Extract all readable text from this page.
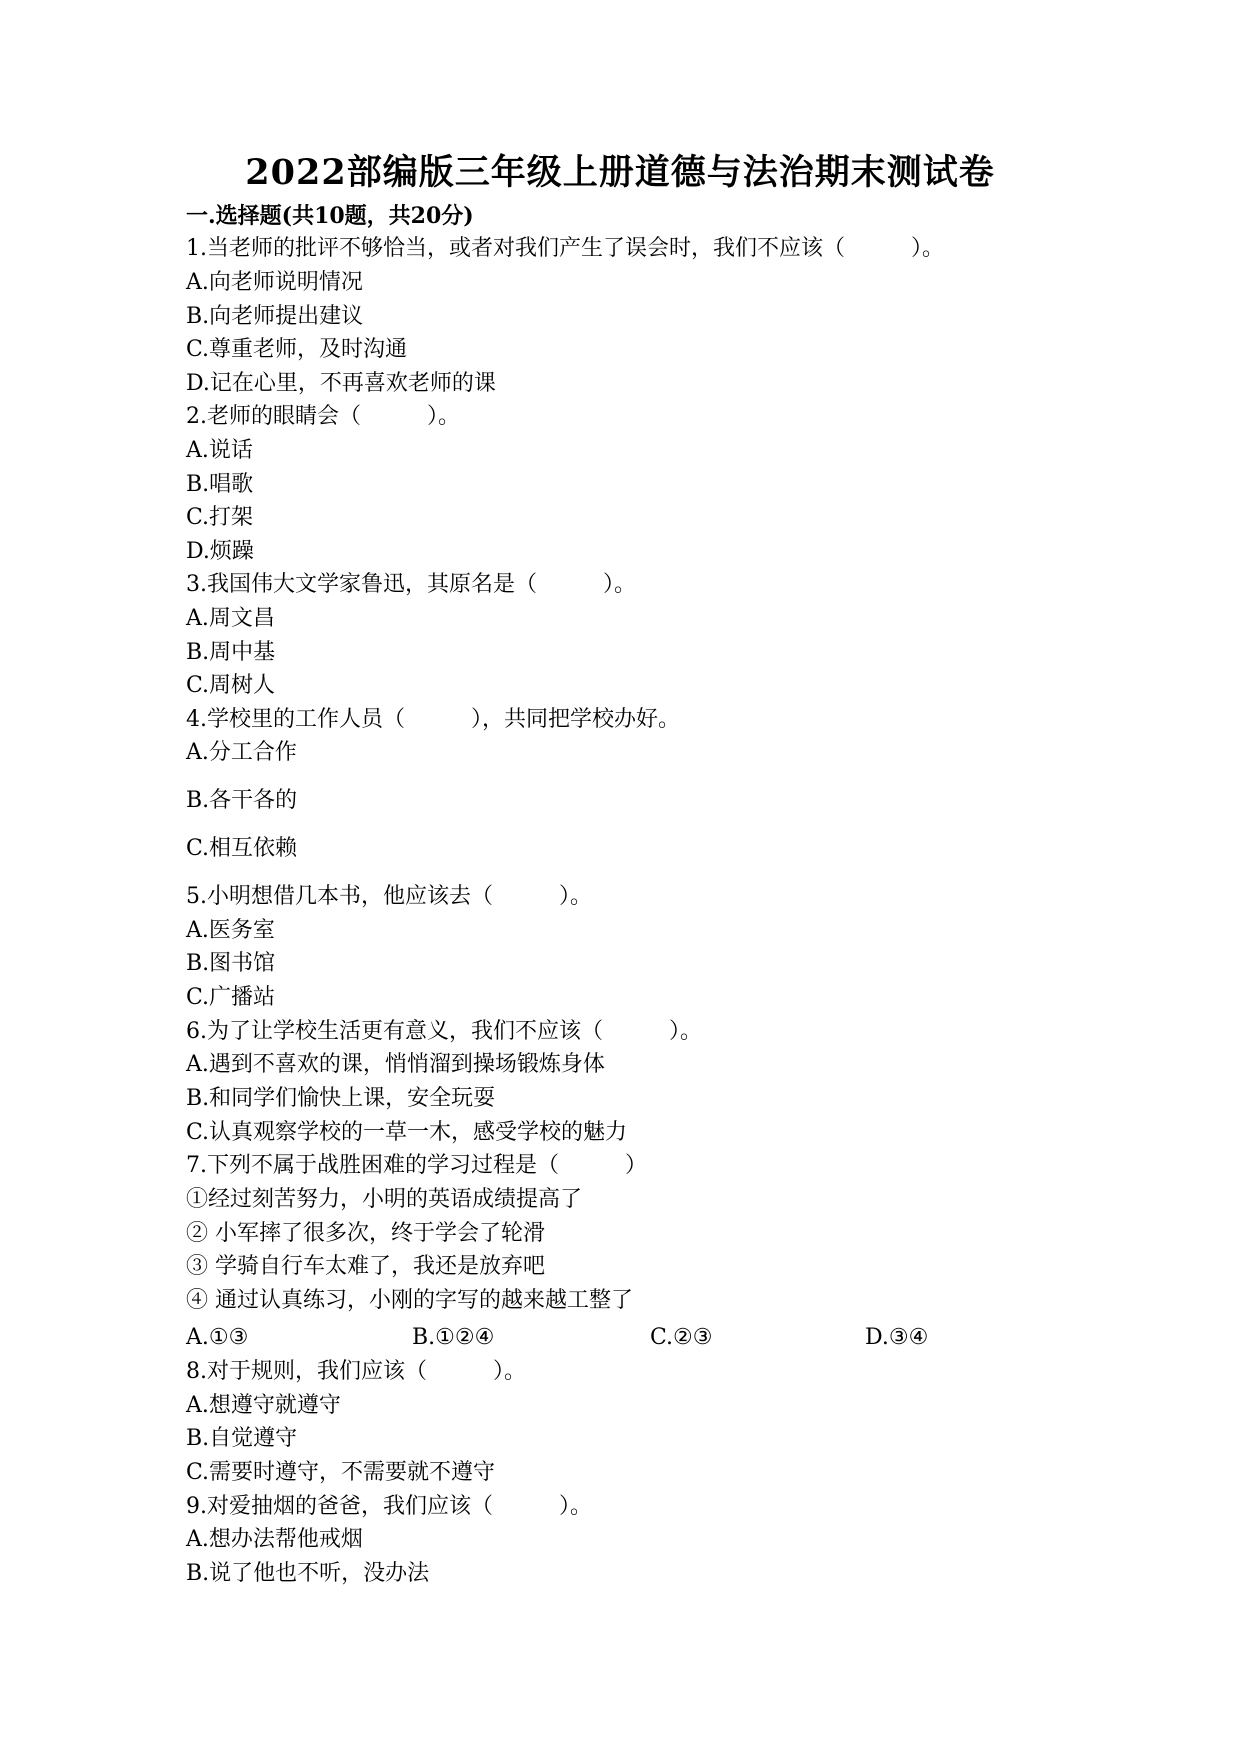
2022部编版三年级上册道德与法治期末测试卷
一.选择题(共10题，共20分)
1.当老师的批评不够恰当，或者对我们产生了误会时，我们不应该（　　　）。
A.向老师说明情况
B.向老师提出建议
C.尊重老师，及时沟通
D.记在心里，不再喜欢老师的课
2.老师的眼睛会（　　　）。
A.说话
B.唱歌
C.打架
D.烦躁
3.我国伟大文学家鲁迅，其原名是（　　　）。
A.周文昌
B.周中基
C.周树人
4.学校里的工作人员（　　　），共同把学校办好。
A.分工合作
B.各干各的
C.相互依赖
5.小明想借几本书，他应该去（　　　）。
A.医务室
B.图书馆
C.广播站
6.为了让学校生活更有意义，我们不应该（　　　）。
A.遇到不喜欢的课，悄悄溜到操场锻炼身体
B.和同学们愉快上课，安全玩耍
C.认真观察学校的一草一木，感受学校的魅力
7.下列不属于战胜困难的学习过程是（　　　）
①经过刻苦努力，小明的英语成绩提高了
② 小军摔了很多次，终于学会了轮滑
③ 学骑自行车太难了，我还是放弃吧
④ 通过认真练习，小刚的字写的越来越工整了
A.①③	B.①②④	C.②③	D.③④
8.对于规则，我们应该（　　　）。
A.想遵守就遵守
B.自觉遵守
C.需要时遵守，不需要就不遵守
9.对爱抽烟的爸爸，我们应该（　　　）。
A.想办法帮他戒烟
B.说了他也不听，没办法
